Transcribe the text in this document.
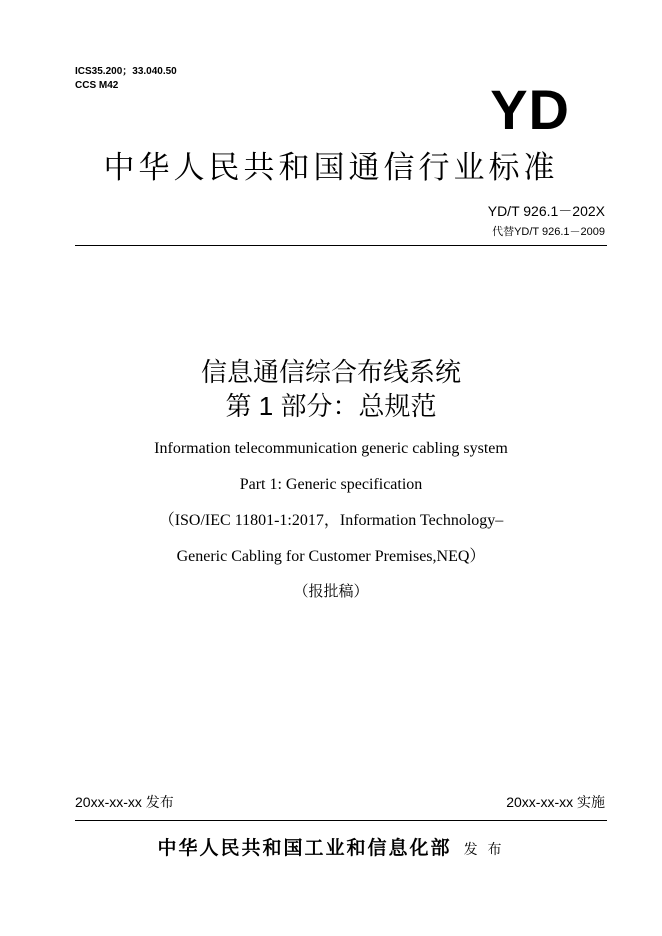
ICS35.200；33.040.50
CCS M42	YD
中华人民共和国通信行业标准
YD/T 926.1－202X
代替YD/T 926.1－2009
信息通信综合布线系统
第 1 部分：总规范
Information telecommunication generic cabling system
Part 1: Generic specification
（ISO/IEC 11801-1:2017，Information Technology–
Generic Cabling for Customer Premises,NEQ）
（报批稿）
20xx-xx-xx 发布	20xx-xx-xx 实施
中华人民共和国工业和信息化部 发 布
